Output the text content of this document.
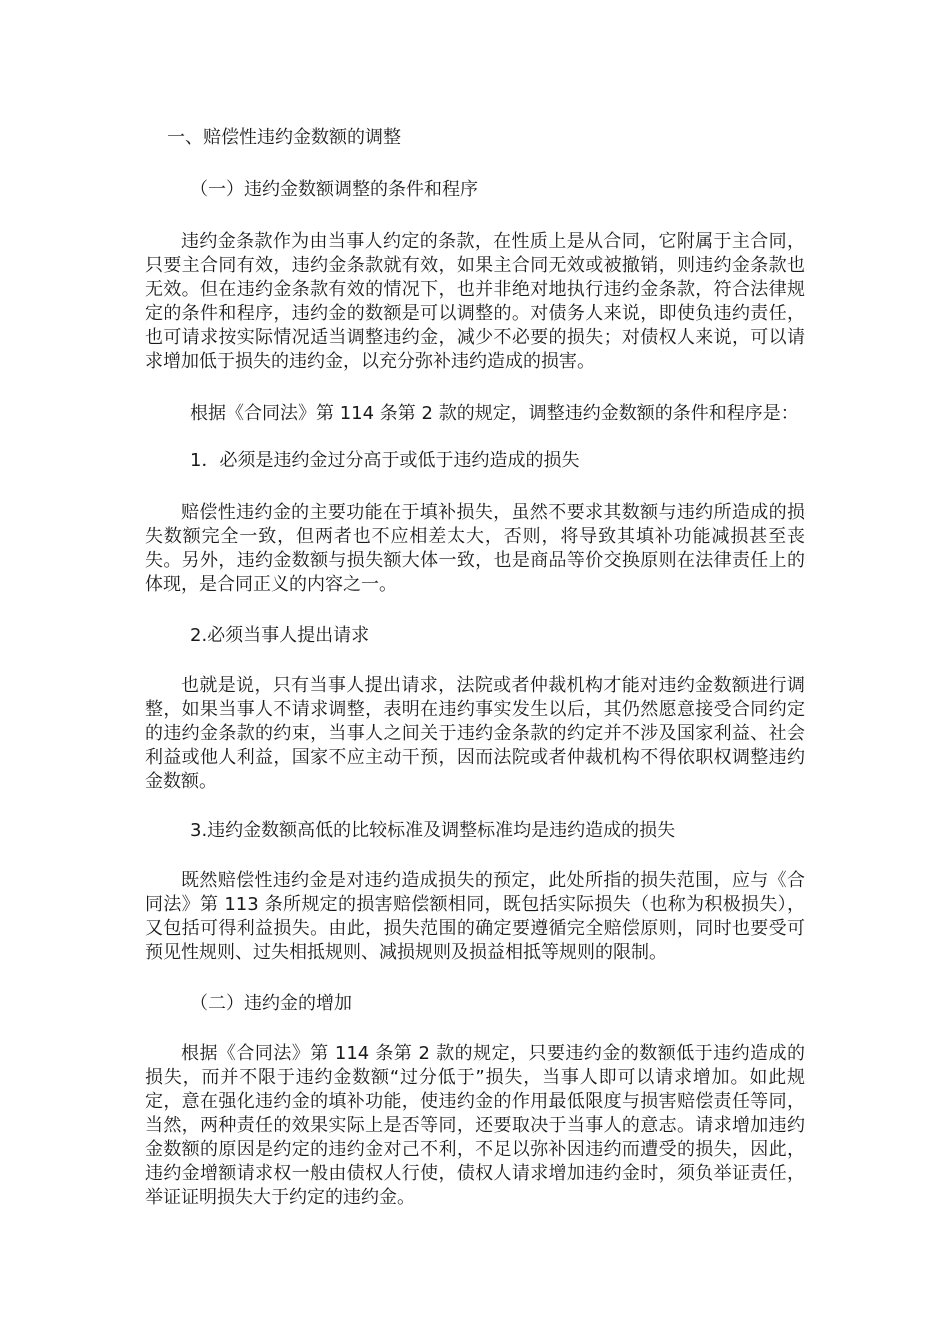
一、赔偿性违约金数额的调整

（一）违约金数额调整的条件和程序

违约金条款作为由当事人约定的条款，在性质上是从合同，它附属于主合同，只要主合同有效，违约金条款就有效，如果主合同无效或被撤销，则违约金条款也无效。但在违约金条款有效的情况下，也并非绝对地执行违约金条款，符合法律规定的条件和程序，违约金的数额是可以调整的。对债务人来说，即使负违约责任，也可请求按实际情况适当调整违约金，减少不必要的损失；对债权人来说，可以请求增加低于损失的违约金，以充分弥补违约造成的损害。

根据《合同法》第 114 条第 2 款的规定，调整违约金数额的条件和程序是：

1．必须是违约金过分高于或低于违约造成的损失

赔偿性违约金的主要功能在于填补损失，虽然不要求其数额与违约所造成的损失数额完全一致，但两者也不应相差太大，否则，将导致其填补功能减损甚至丧失。另外，违约金数额与损失额大体一致，也是商品等价交换原则在法律责任上的体现，是合同正义的内容之一。

2.必须当事人提出请求

也就是说，只有当事人提出请求，法院或者仲裁机构才能对违约金数额进行调整，如果当事人不请求调整，表明在违约事实发生以后，其仍然愿意接受合同约定的违约金条款的约束，当事人之间关于违约金条款的约定并不涉及国家利益、社会利益或他人利益，国家不应主动干预，因而法院或者仲裁机构不得依职权调整违约金数额。

3.违约金数额高低的比较标准及调整标准均是违约造成的损失

既然赔偿性违约金是对违约造成损失的预定，此处所指的损失范围，应与《合同法》第 113 条所规定的损害赔偿额相同，既包括实际损失（也称为积极损失），又包括可得利益损失。由此，损失范围的确定要遵循完全赔偿原则，同时也要受可预见性规则、过失相抵规则、减损规则及损益相抵等规则的限制。

（二）违约金的增加

根据《合同法》第 114 条第 2 款的规定，只要违约金的数额低于违约造成的损失，而并不限于违约金数额“过分低于”损失，当事人即可以请求增加。如此规定，意在强化违约金的填补功能，使违约金的作用最低限度与损害赔偿责任等同，当然，两种责任的效果实际上是否等同，还要取决于当事人的意志。请求增加违约金数额的原因是约定的违约金对己不利，不足以弥补因违约而遭受的损失，因此，违约金增额请求权一般由债权人行使，债权人请求增加违约金时，须负举证责任，举证证明损失大于约定的违约金。
